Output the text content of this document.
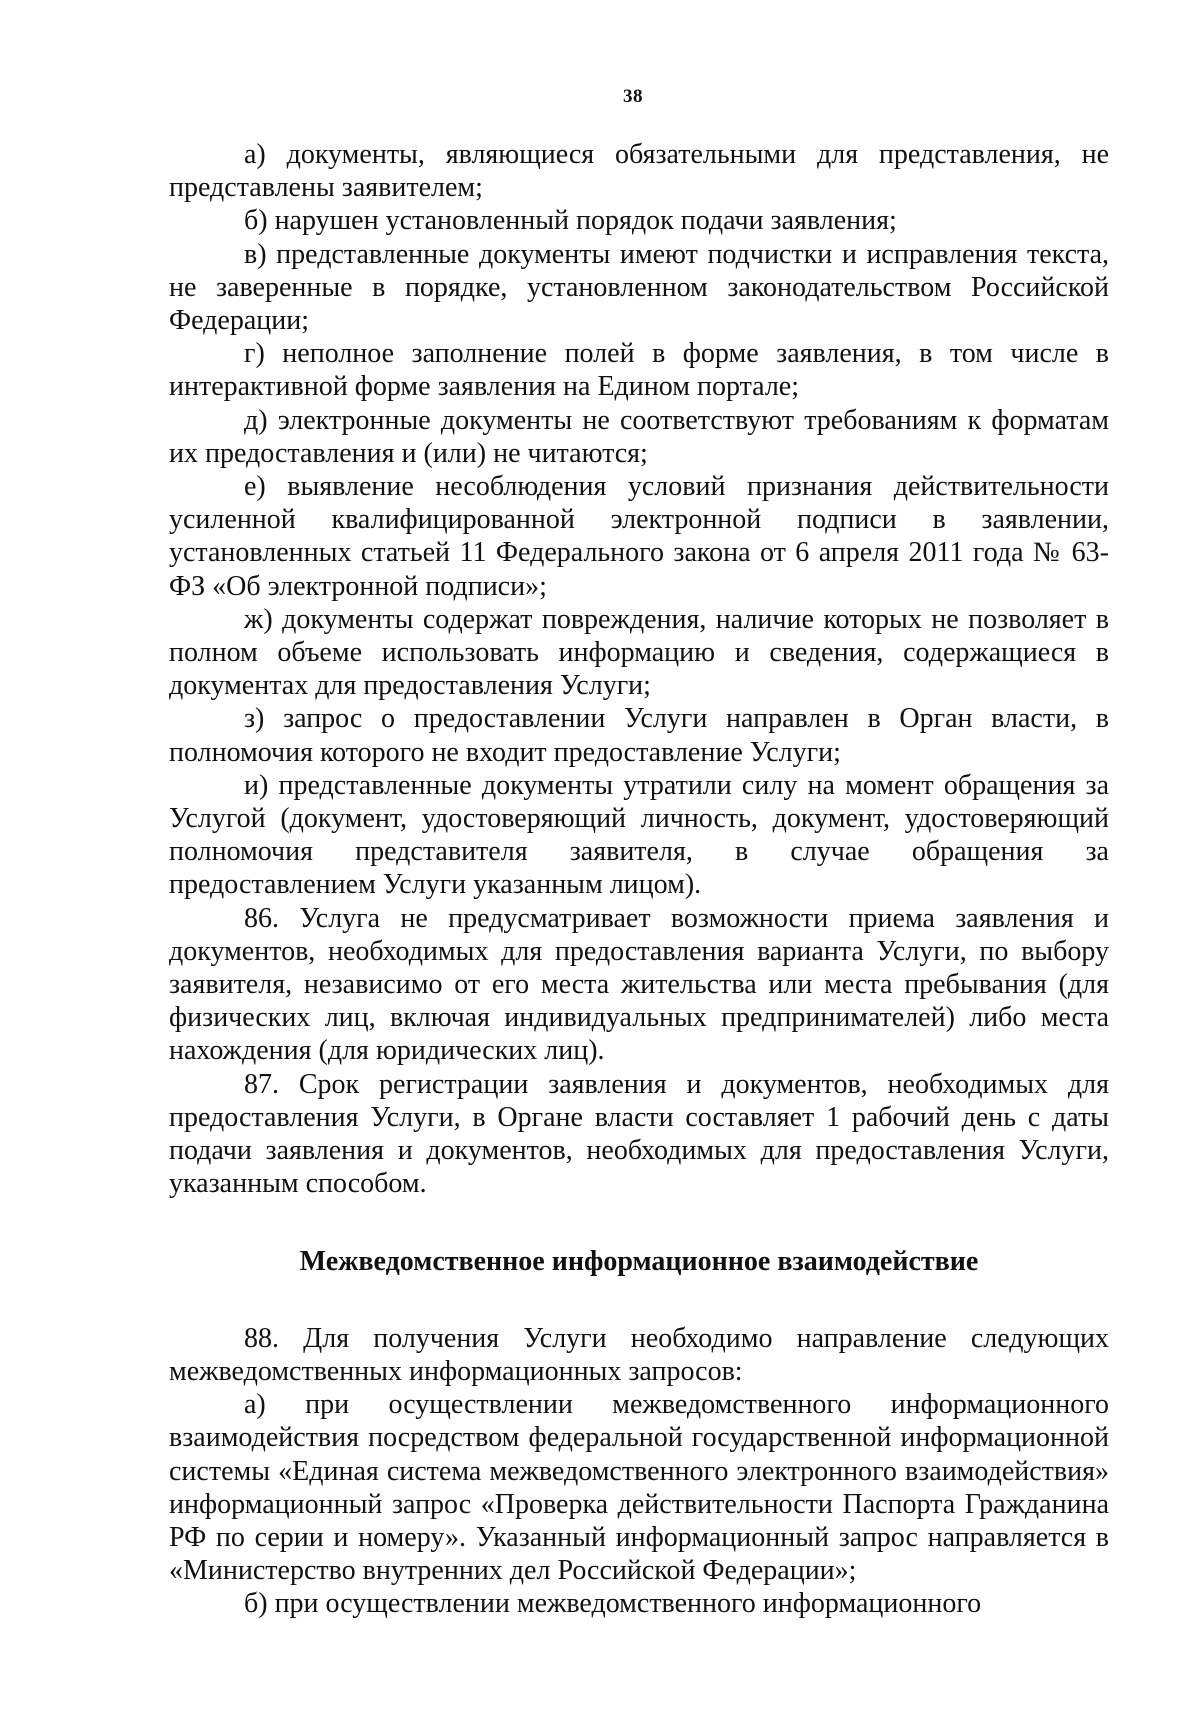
38

а) документы, являющиеся обязательными для представления, не представлены заявителем;

б) нарушен установленный порядок подачи заявления;

в) представленные документы имеют подчистки и исправления текста, не заверенные в порядке, установленном законодательством Российской Федерации;

г) неполное заполнение полей в форме заявления, в том числе в интерактивной форме заявления на Едином портале;

д) электронные документы не соответствуют требованиям к форматам их предоставления и (или) не читаются;

е) выявление несоблюдения условий признания действительности усиленной квалифицированной электронной подписи в заявлении, установленных статьей 11 Федерального закона от 6 апреля 2011 года № 63-ФЗ «Об электронной подписи»;

ж) документы содержат повреждения, наличие которых не позволяет в полном объеме использовать информацию и сведения, содержащиеся в документах для предоставления Услуги;

з) запрос о предоставлении Услуги направлен в Орган власти, в полномочия которого не входит предоставление Услуги;

и) представленные документы утратили силу на момент обращения за Услугой (документ, удостоверяющий личность, документ, удостоверяющий полномочия представителя заявителя, в случае обращения за предоставлением Услуги указанным лицом).

86. Услуга не предусматривает возможности приема заявления и документов, необходимых для предоставления варианта Услуги, по выбору заявителя, независимо от его места жительства или места пребывания (для физических лиц, включая индивидуальных предпринимателей) либо места нахождения (для юридических лиц).

87. Срок регистрации заявления и документов, необходимых для предоставления Услуги, в Органе власти составляет 1 рабочий день с даты подачи заявления и документов, необходимых для предоставления Услуги, указанным способом.

Межведомственное информационное взаимодействие

88. Для получения Услуги необходимо направление следующих межведомственных информационных запросов:

а) при осуществлении межведомственного информационного взаимодействия посредством федеральной государственной информационной системы «Единая система межведомственного электронного взаимодействия» информационный запрос «Проверка действительности Паспорта Гражданина РФ по серии и номеру». Указанный информационный запрос направляется в «Министерство внутренних дел Российской Федерации»;

б) при осуществлении межведомственного информационного
